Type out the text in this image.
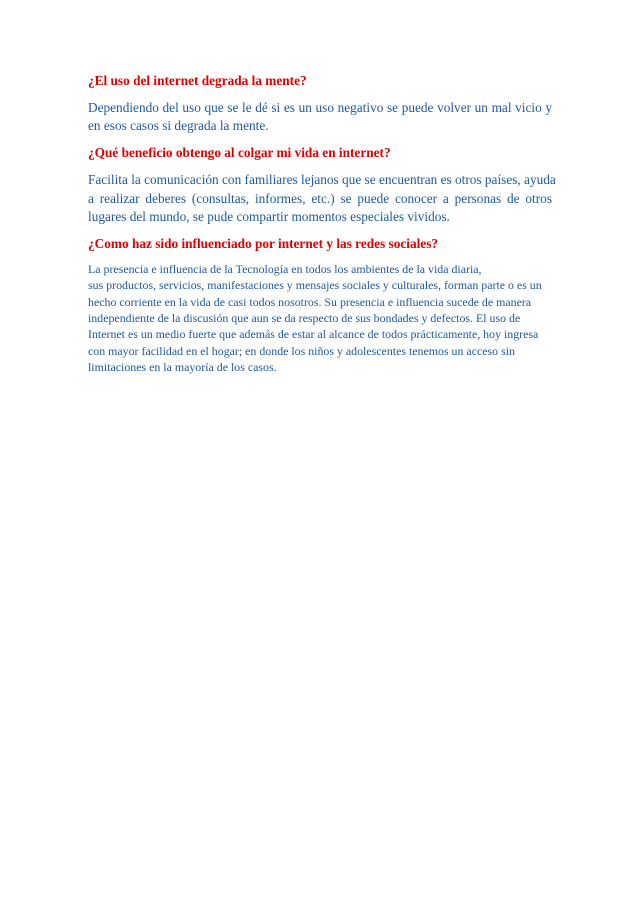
¿El uso del internet degrada la mente?

Dependiendo del uso que se le dé si es un uso negativo se puede volver un mal vicio y
en esos casos si degrada la mente.

¿Qué beneficio obtengo al colgar mi vida en internet?

Facilita la comunicación con familiares lejanos que se encuentran es otros países, ayuda
a realizar deberes (consultas, informes, etc.) se puede conocer a personas de otros
lugares del mundo, se pude compartir momentos especiales vividos.

¿Como haz sido influenciado por internet y las redes sociales?

La presencia e influencia de la Tecnología en todos los ambientes de la vida diaria,
sus productos, servicios, manifestaciones y mensajes sociales y culturales, forman parte o es un
hecho corriente en la vida de casi todos nosotros. Su presencia e influencia sucede de manera
independiente de la discusión que aun se da respecto de sus bondades y defectos. El uso de
Internet es un medio fuerte que además de estar al alcance de todos prácticamente, hoy ingresa
con mayor facilidad en el hogar; en donde los niños y adolescentes tenemos un acceso sin
limitaciones en la mayoría de los casos.
